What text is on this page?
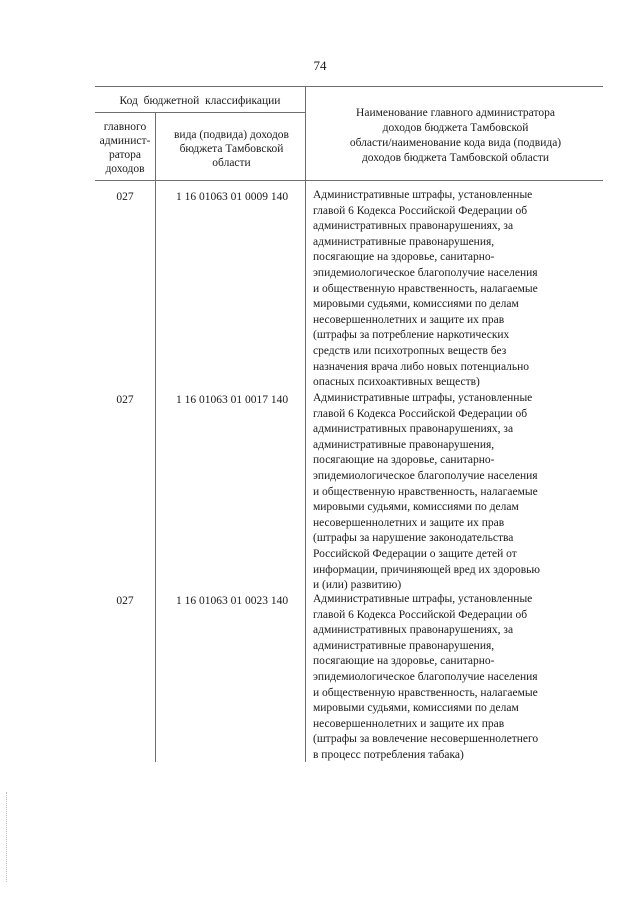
74
Код  бюджетной  классификации
главного
админист-
ратора
доходов
вида (подвида) доходов
бюджета Тамбовской
области
Наименование главного администратора
доходов бюджета Тамбовской
области/наименование кода вида (подвида)
доходов бюджета Тамбовской области
027	1 16 01063 01 0009 140	Административные штрафы, установленные
главой 6 Кодекса Российской Федерации об
административных правонарушениях, за
административные правонарушения,
посягающие на здоровье, санитарно-
эпидемиологическое благополучие населения
и общественную нравственность, налагаемые
мировыми судьями, комиссиями по делам
несовершеннолетних и защите их прав
(штрафы за потребление наркотических
средств или психотропных веществ без
назначения врача либо новых потенциально
опасных психоактивных веществ)
027	1 16 01063 01 0017 140	Административные штрафы, установленные
главой 6 Кодекса Российской Федерации об
административных правонарушениях, за
административные правонарушения,
посягающие на здоровье, санитарно-
эпидемиологическое благополучие населения
и общественную нравственность, налагаемые
мировыми судьями, комиссиями по делам
несовершеннолетних и защите их прав
(штрафы за нарушение законодательства
Российской Федерации о защите детей от
информации, причиняющей вред их здоровью
и (или) развитию)
027	1 16 01063 01 0023 140	Административные штрафы, установленные
главой 6 Кодекса Российской Федерации об
административных правонарушениях, за
административные правонарушения,
посягающие на здоровье, санитарно-
эпидемиологическое благополучие населения
и общественную нравственность, налагаемые
мировыми судьями, комиссиями по делам
несовершеннолетних и защите их прав
(штрафы за вовлечение несовершеннолетнего
в процесс потребления табака)
